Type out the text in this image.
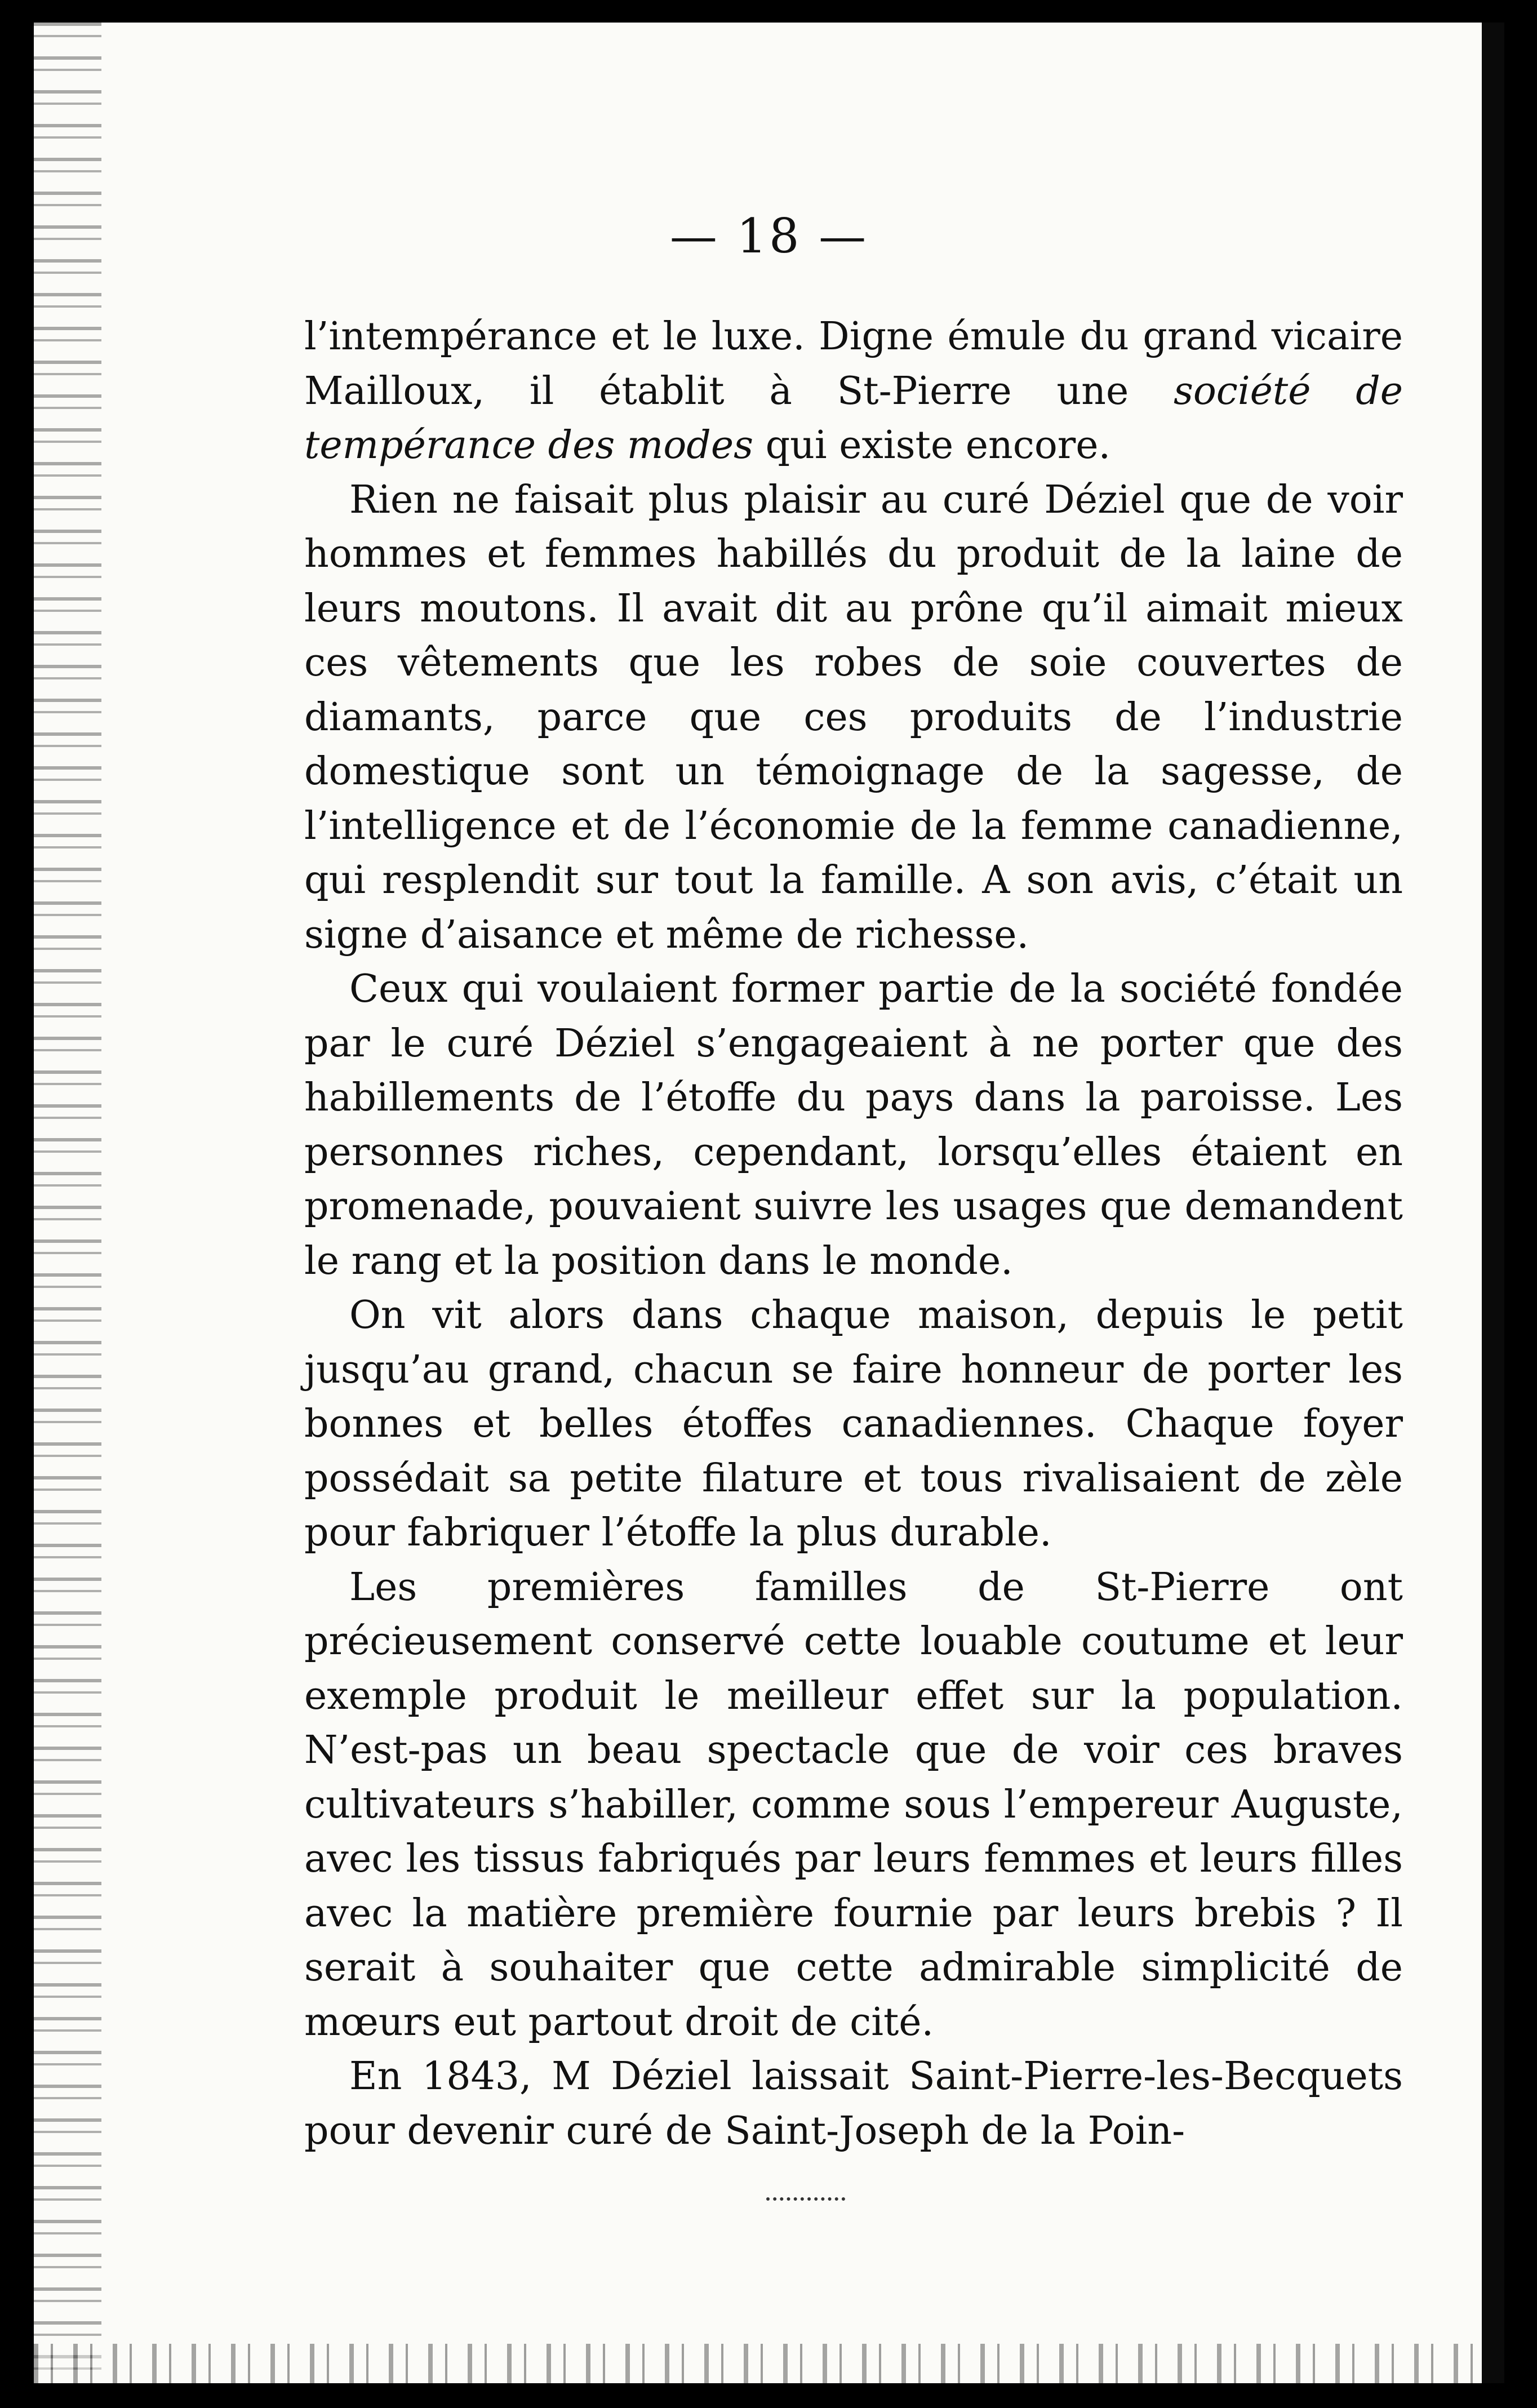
— 18 —

l’intempérance et le luxe. Digne émule du grand vicaire Mailloux, il établit à St-Pierre une société de tempérance des modes qui existe encore.

Rien ne faisait plus plaisir au curé Déziel que de voir hommes et femmes habillés du produit de la laine de leurs moutons. Il avait dit au prône qu’il aimait mieux ces vêtements que les robes de soie couvertes de diamants, parce que ces produits de l’industrie domestique sont un témoignage de la sagesse, de l’intelligence et de l’économie de la femme canadienne, qui resplendit sur tout la famille. A son avis, c’était un signe d’aisance et même de richesse.

Ceux qui voulaient former partie de la société fondée par le curé Déziel s’engageaient à ne porter que des habillements de l’étoffe du pays dans la paroisse. Les personnes riches, cependant, lorsqu’elles étaient en promenade, pouvaient suivre les usages que demandent le rang et la position dans le monde.

On vit alors dans chaque maison, depuis le petit jusqu’au grand, chacun se faire honneur de porter les bonnes et belles étoffes canadiennes. Chaque foyer possédait sa petite filature et tous rivalisaient de zèle pour fabriquer l’étoffe la plus durable.

Les premières familles de St-Pierre ont précieusement conservé cette louable coutume et leur exemple produit le meilleur effet sur la population. N’est-pas un beau spectacle que de voir ces braves cultivateurs s’habiller, comme sous l’empereur Auguste, avec les tissus fabriqués par leurs femmes et leurs filles avec la matière première fournie par leurs brebis ? Il serait à souhaiter que cette admirable simplicité de mœurs eut partout droit de cité.

En 1843, M Déziel laissait Saint-Pierre-les-Becquets pour devenir curé de Saint-Joseph de la Poin-
